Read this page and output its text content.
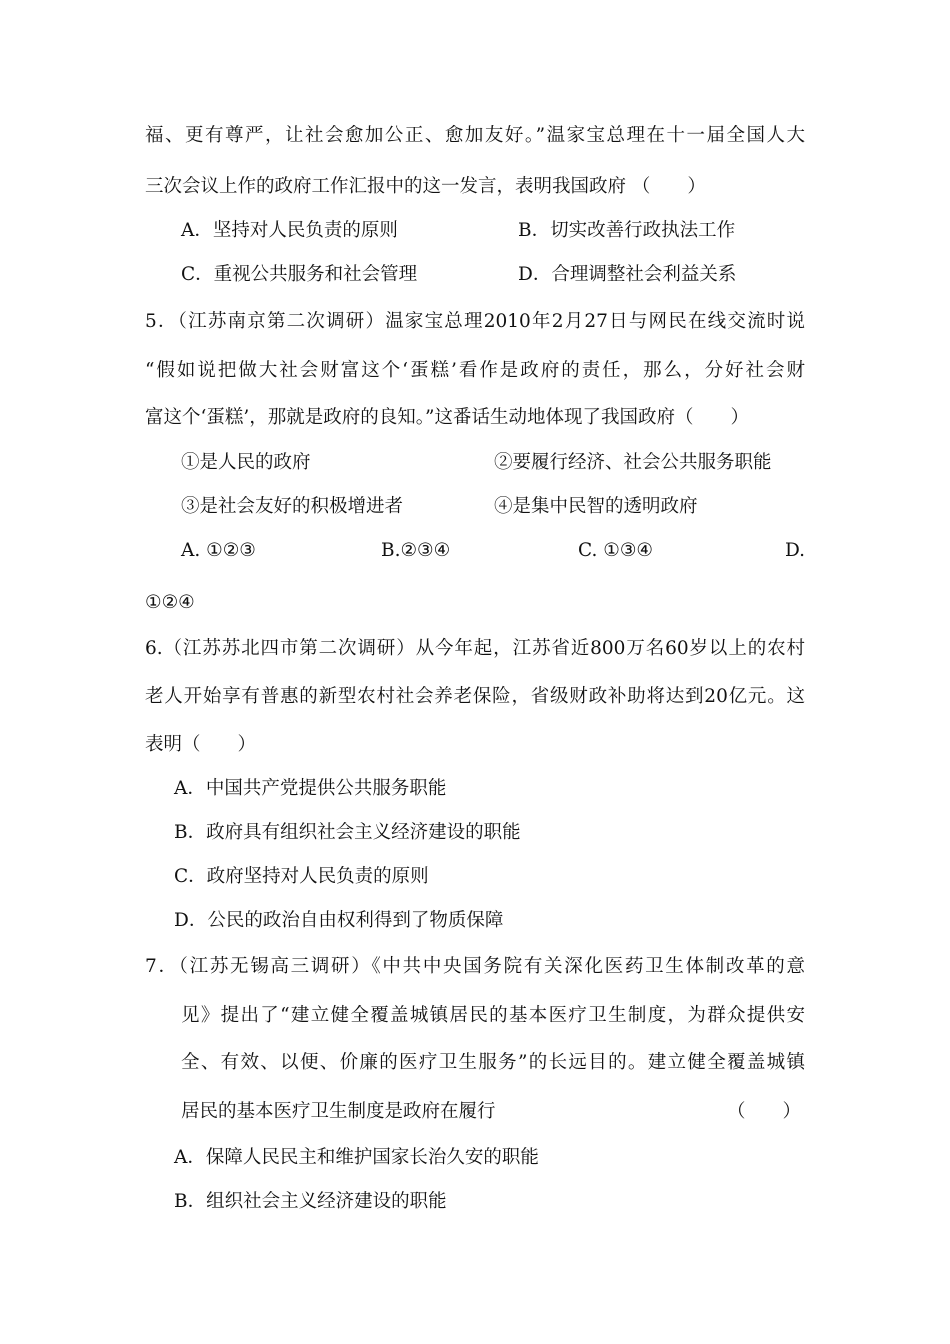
福、更有尊严，让社会愈加公正、愈加友好。”温家宝总理在十一届全国人大
三次会议上作的政府工作汇报中的这一发言，表明我国政府 （　　）
A．坚持对人民负责的原则	B．切实改善行政执法工作
C．重视公共服务和社会管理	D．合理调整社会利益关系
5．（江苏南京第二次调研）温家宝总理2010年2月27日与网民在线交流时说
“假如说把做大社会财富这个‘蛋糕’看作是政府的责任，那么，分好社会财
富这个‘蛋糕’，那就是政府的良知。”这番话生动地体现了我国政府（　　）
①是人民的政府	②要履行经济、社会公共服务职能
③是社会友好的积极增进者	④是集中民智的透明政府
A. ①②③	B.②③④	C. ①③④	D.
①②④
6.（江苏苏北四市第二次调研）从今年起，江苏省近800万名60岁以上的农村
老人开始享有普惠的新型农村社会养老保险，省级财政补助将达到20亿元。这
表明（　　）
A．中国共产党提供公共服务职能
B．政府具有组织社会主义经济建设的职能
C．政府坚持对人民负责的原则
D．公民的政治自由权利得到了物质保障
7．（江苏无锡高三调研）《中共中央国务院有关深化医药卫生体制改革的意
见》提出了“建立健全覆盖城镇居民的基本医疗卫生制度，为群众提供安
全、有效、以便、价廉的医疗卫生服务”的长远目的。建立健全覆盖城镇
居民的基本医疗卫生制度是政府在履行	（　　）
A．保障人民民主和维护国家长治久安的职能
B．组织社会主义经济建设的职能
